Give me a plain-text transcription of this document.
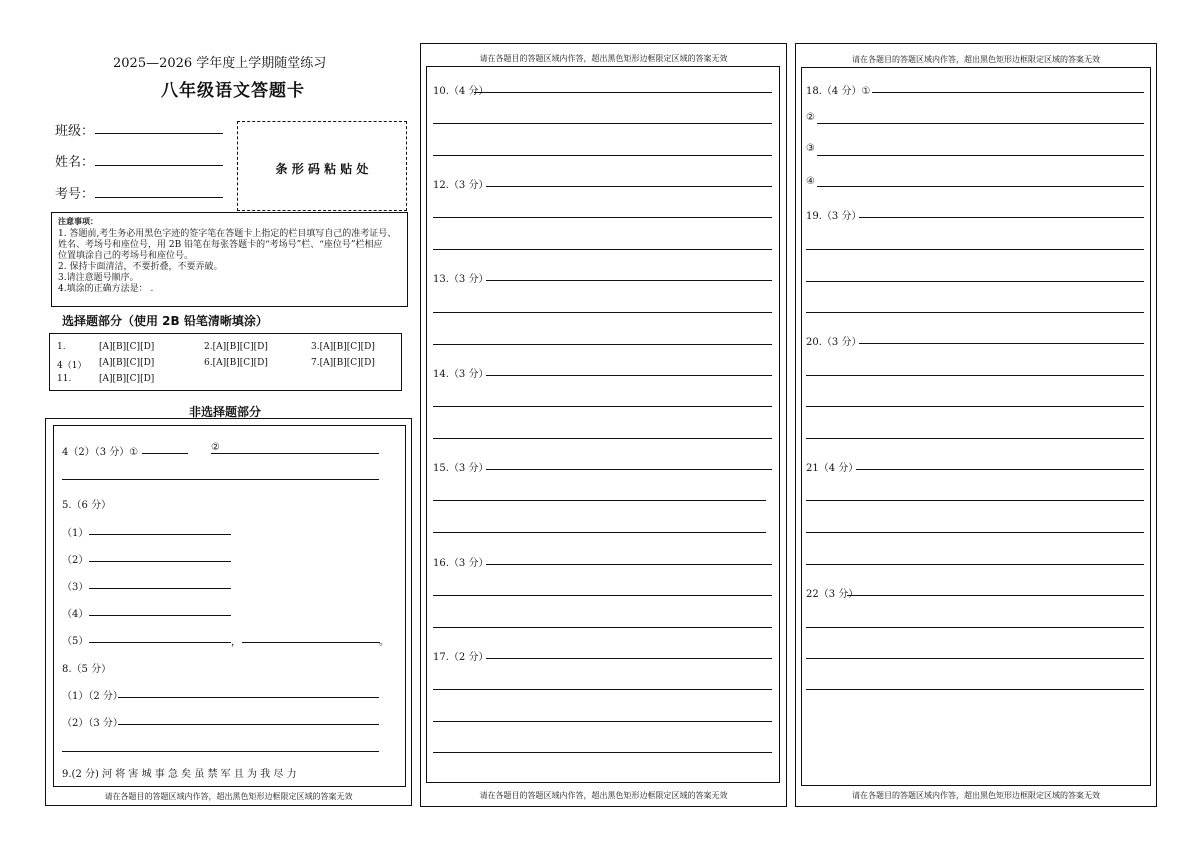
2025—2026 学年度上学期随堂练习
八年级语文答题卡
班级：
姓名：
考号：
条 形 码 粘 贴 处
注意事项：
1. 答题前,考生务必用黑色字迹的签字笔在答题卡上指定的栏目填写自己的准考证号、
姓名、考场号和座位号，用 2B 铅笔在每张答题卡的“考场号”栏、“座位号”栏相应
位置填涂自己的考场号和座位号。
2. 保持卡面清洁，不要折叠，不要弄破。
3.请注意题号顺序。
4.填涂的正确方法是： .
选择题部分（使用 2B 铅笔清晰填涂）
1.	[A][B][C][D]	2.[A][B][C][D]	3.[A][B][C][D]
4（1） [A][B][C][D]	6.[A][B][C][D]	7.[A][B][C][D]
11.	[A][B][C][D]
非选择题部分
4（2）（3 分）①	②
5.（6 分）
（1）
（2）
（3）
（4）
（5）	，	。
8.（5 分）
（1）（2 分）
（2）（3 分）
9.(2 分) 河 将 害 城 事 急 矣 虽 禁 军 且 为 我 尽 力
请在各题目的答题区域内作答，超出黑色矩形边框限定区域的答案无效
请在各题目的答题区域内作答，超出黑色矩形边框限定区域的答案无效
请在各题目的答题区域内作答，超出黑色矩形边框限定区域的答案无效
10.（4 分）
12.（3 分）
13.（3 分）
14.（3 分）
15.（3 分）
16.（3 分）
17.（2 分）
请在各题目的答题区域内作答，超出黑色矩形边框限定区域的答案无效
请在各题目的答题区域内作答，超出黑色矩形边框限定区域的答案无效
18.（4 分）①
②
③
④
19.（3 分）
20.（3 分）
21（4 分）
22（3 分）
